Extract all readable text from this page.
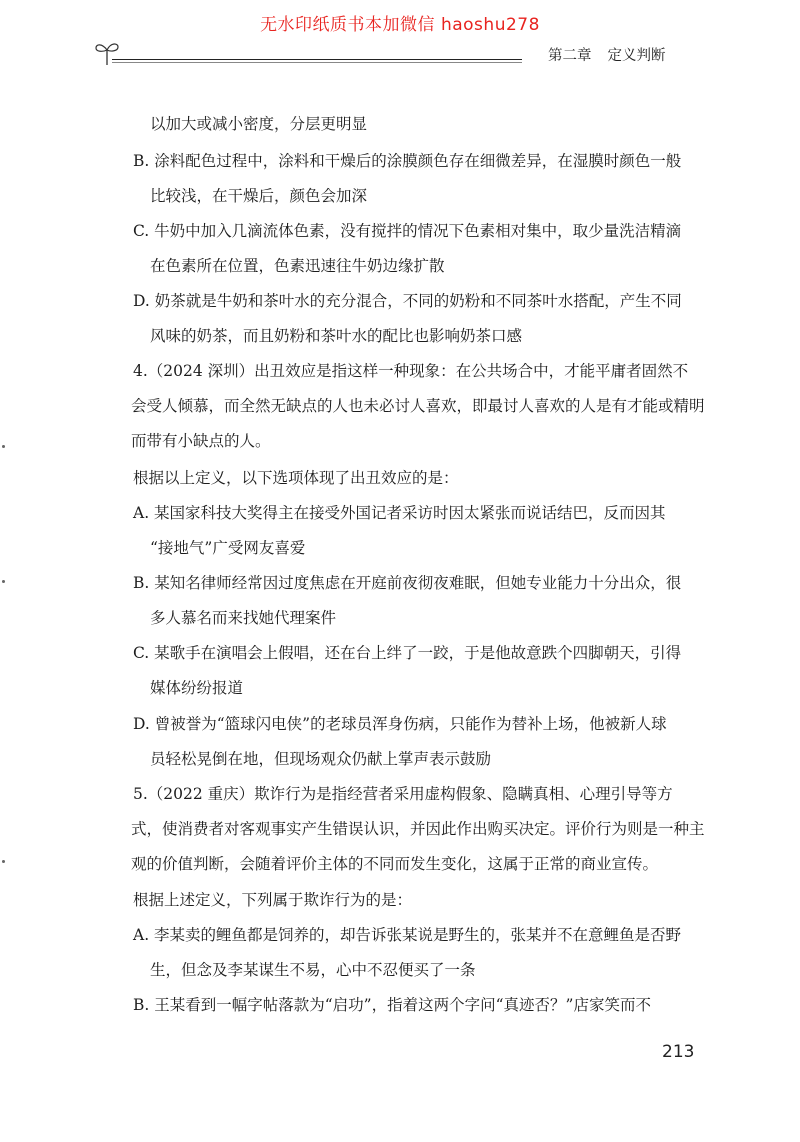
无水印纸质书本加微信 haoshu278
第二章 定义判断
以加大或减小密度，分层更明显
B. 涂料配色过程中，涂料和干燥后的涂膜颜色存在细微差异，在湿膜时颜色一般
比较浅，在干燥后，颜色会加深
C. 牛奶中加入几滴流体色素，没有搅拌的情况下色素相对集中，取少量洗洁精滴
在色素所在位置，色素迅速往牛奶边缘扩散
D. 奶茶就是牛奶和茶叶水的充分混合，不同的奶粉和不同茶叶水搭配，产生不同
风味的奶茶，而且奶粉和茶叶水的配比也影响奶茶口感
4.（2024 深圳）出丑效应是指这样一种现象：在公共场合中，才能平庸者固然不
会受人倾慕，而全然无缺点的人也未必讨人喜欢，即最讨人喜欢的人是有才能或精明
而带有小缺点的人。
根据以上定义，以下选项体现了出丑效应的是：
A. 某国家科技大奖得主在接受外国记者采访时因太紧张而说话结巴，反而因其
“接地气”广受网友喜爱
B. 某知名律师经常因过度焦虑在开庭前夜彻夜难眠，但她专业能力十分出众，很
多人慕名而来找她代理案件
C. 某歌手在演唱会上假唱，还在台上绊了一跤，于是他故意跌个四脚朝天，引得
媒体纷纷报道
D. 曾被誉为“篮球闪电侠”的老球员浑身伤病，只能作为替补上场，他被新人球
员轻松晃倒在地，但现场观众仍献上掌声表示鼓励
5.（2022 重庆）欺诈行为是指经营者采用虚构假象、隐瞒真相、心理引导等方
式，使消费者对客观事实产生错误认识，并因此作出购买决定。评价行为则是一种主
观的价值判断，会随着评价主体的不同而发生变化，这属于正常的商业宣传。
根据上述定义，下列属于欺诈行为的是：
A. 李某卖的鲤鱼都是饲养的，却告诉张某说是野生的，张某并不在意鲤鱼是否野
生，但念及李某谋生不易，心中不忍便买了一条
B. 王某看到一幅字帖落款为“启功”，指着这两个字问“真迹否？”店家笑而不
213
